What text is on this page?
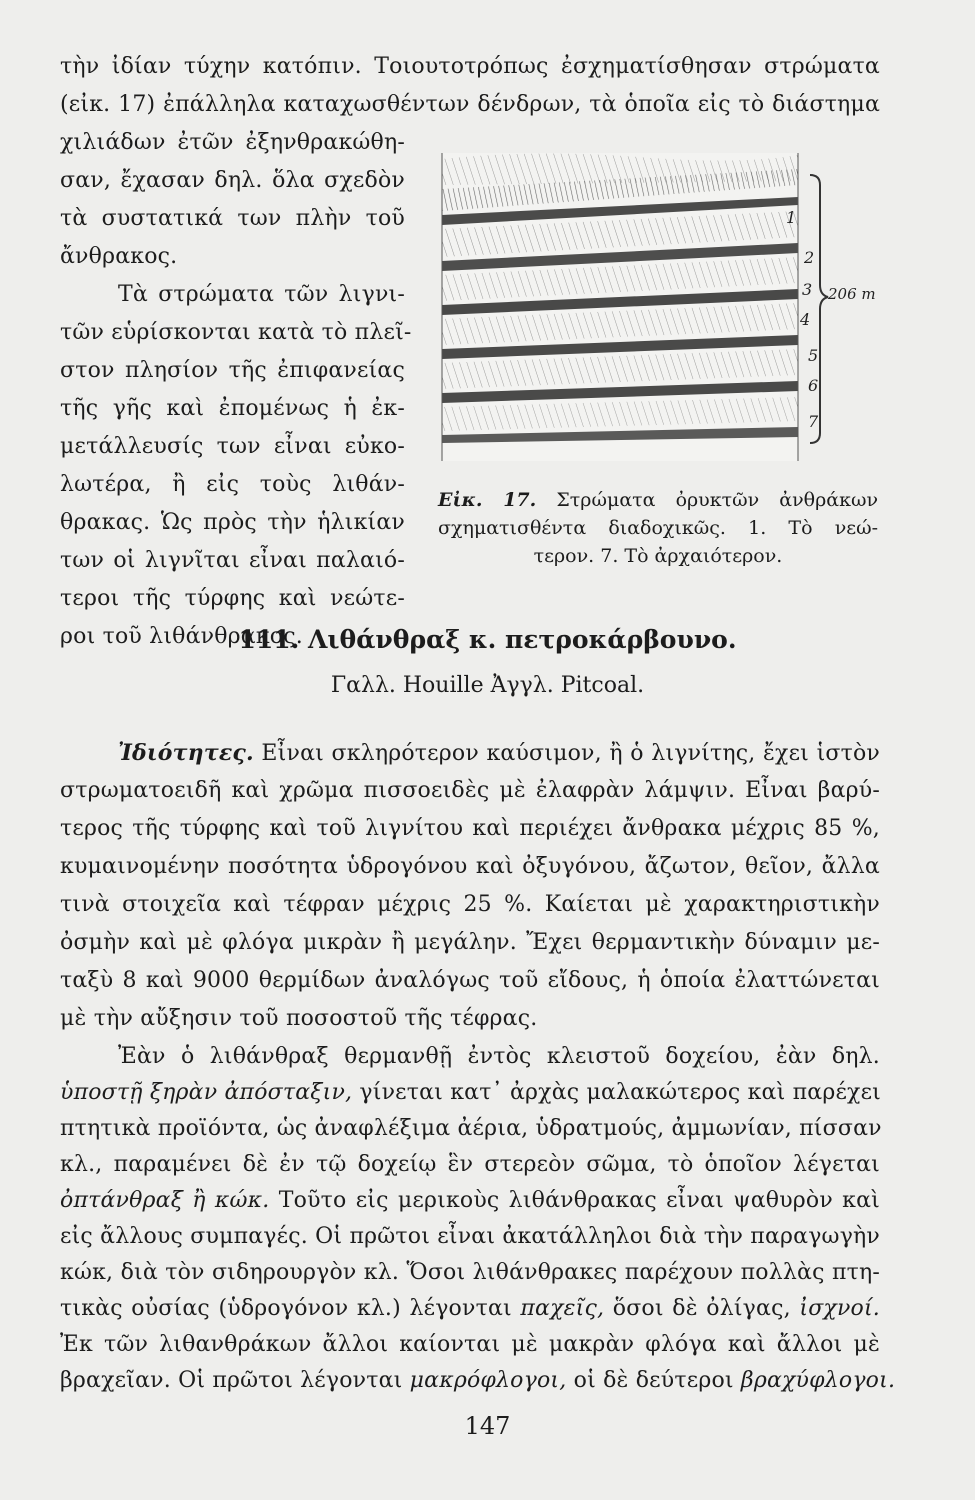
τὴν ἰδίαν τύχην κατόπιν. Τοιουτοτρόπως ἐσχηματίσθησαν στρώματα
(εἰκ. 17) ἐπάλληλα καταχωσθέντων δένδρων, τὰ ὁποῖα εἰς τὸ διάστημα
χιλιάδων ἐτῶν ἐξηνθρακώθη-
σαν, ἔχασαν δηλ. ὅλα σχεδὸν
τὰ συστατικά των πλὴν τοῦ
ἄνθρακος.
Τὰ στρώματα τῶν λιγνι-
τῶν εὑρίσκονται κατὰ τὸ πλεῖ-
στον πλησίον τῆς ἐπιφανείας
τῆς γῆς καὶ ἐπομένως ἡ ἐκ-
μετάλλευσίς των εἶναι εὐκο-
λωτέρα, ἢ εἰς τοὺς λιθάν-
θρακας. Ὡς πρὸς τὴν ἡλικίαν
των οἱ λιγνῖται εἶναι παλαιό-
τεροι τῆς τύρφης καὶ νεώτε-
ροι τοῦ λιθάνθρακος.
1
2
3
4
5
6
7
206 m
Εἰκ. 17. Στρώματα ὀρυκτῶν ἀνθράκων
σχηματισθέντα διαδοχικῶς. 1. Τὸ νεώ-
τερον. 7. Τὸ ἀρχαιότερον.
111. Λιθάνθραξ κ. πετροκάρβουνο.
Γαλλ. Houille Ἀγγλ. Pitcoal.
Ἰδιότητες. Εἶναι σκληρότερον καύσιμον, ἢ ὁ λιγνίτης, ἔχει ἱστὸν
στρωματοειδῆ καὶ χρῶμα πισσοειδὲς μὲ ἐλαφρὰν λάμψιν. Εἶναι βαρύ-
τερος τῆς τύρφης καὶ τοῦ λιγνίτου καὶ περιέχει ἄνθρακα μέχρις 85 %,
κυμαινομένην ποσότητα ὑδρογόνου καὶ ὀξυγόνου, ἄζωτον, θεῖον, ἄλλα
τινὰ στοιχεῖα καὶ τέφραν μέχρις 25 %. Καίεται μὲ χαρακτηριστικὴν
ὀσμὴν καὶ μὲ φλόγα μικρὰν ἢ μεγάλην. Ἔχει θερμαντικὴν δύναμιν με-
ταξὺ 8 καὶ 9000 θερμίδων ἀναλόγως τοῦ εἴδους, ἡ ὁποία ἐλαττώνεται
μὲ τὴν αὔξησιν τοῦ ποσοστοῦ τῆς τέφρας.
Ἐὰν ὁ λιθάνθραξ θερμανθῇ ἐντὸς κλειστοῦ δοχείου, ἐὰν δηλ.
ὑποστῇ ξηρὰν ἀπόσταξιν, γίνεται κατ᾽ ἀρχὰς μαλακώτερος καὶ παρέχει
πτητικὰ προϊόντα, ὡς ἀναφλέξιμα ἀέρια, ὑδρατμούς, ἀμμωνίαν, πίσσαν
κλ., παραμένει δὲ ἐν τῷ δοχείῳ ἓν στερεὸν σῶμα, τὸ ὁποῖον λέγεται
ὀπτάνθραξ ἢ κώκ. Τοῦτο εἰς μερικοὺς λιθάνθρακας εἶναι ψαθυρὸν καὶ
εἰς ἄλλους συμπαγές. Οἱ πρῶτοι εἶναι ἀκατάλληλοι διὰ τὴν παραγωγὴν
κώκ, διὰ τὸν σιδηρουργὸν κλ. Ὅσοι λιθάνθρακες παρέχουν πολλὰς πτη-
τικὰς οὐσίας (ὑδρογόνον κλ.) λέγονται παχεῖς, ὅσοι δὲ ὀλίγας, ἰσχνοί.
147
Ἐκ τῶν λιθανθράκων ἄλλοι καίονται μὲ μακρὰν φλόγα καὶ ἄλλοι μὲ
βραχεῖαν. Οἱ πρῶτοι λέγονται μακρόφλογοι, οἱ δὲ δεύτεροι βραχύφλογοι.
